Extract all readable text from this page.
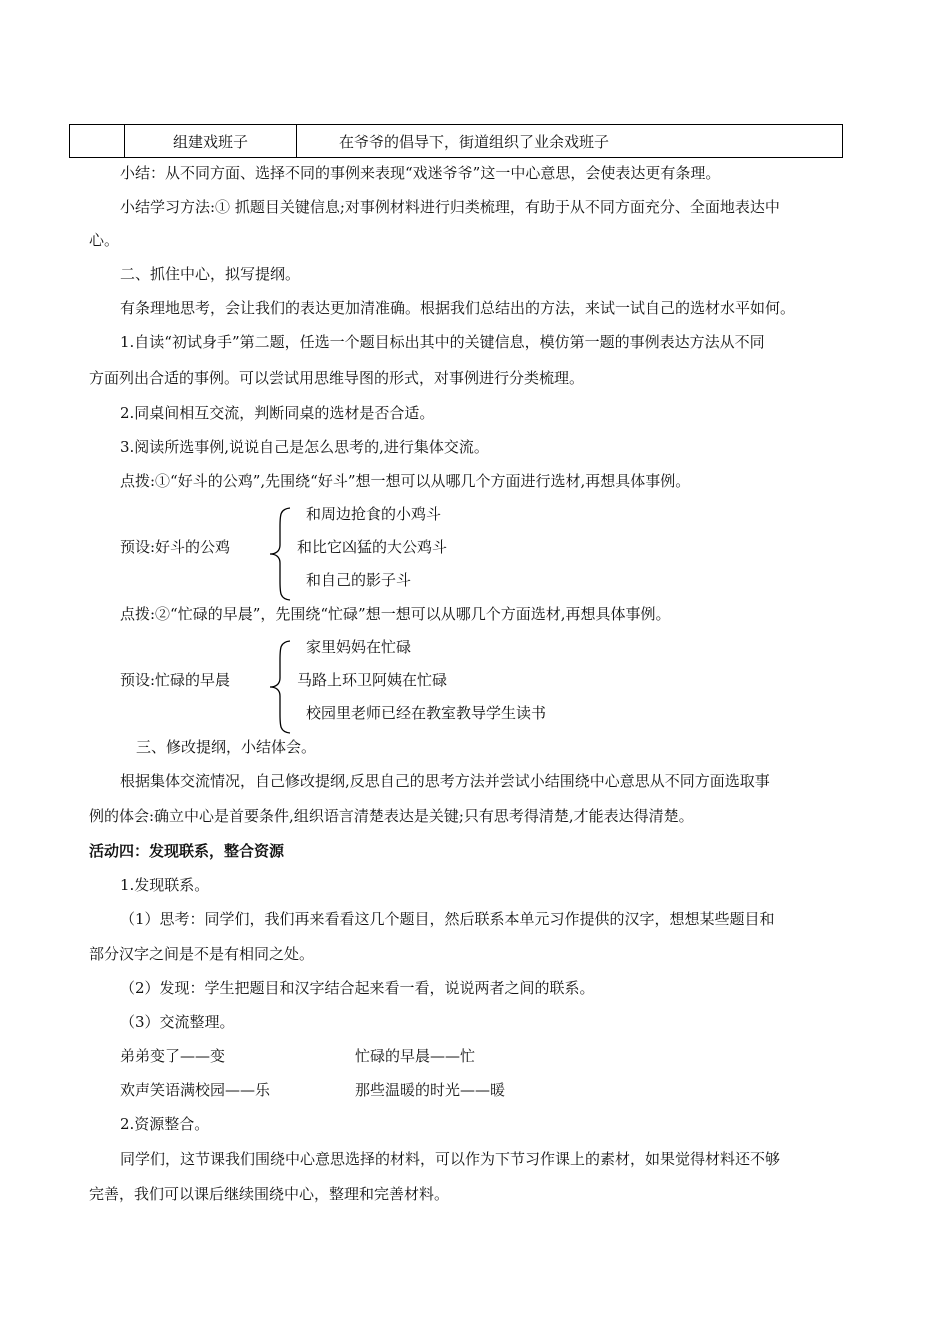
	组建戏班子	在爷爷的倡导下，街道组织了业余戏班子
小结：从不同方面、选择不同的事例来表现“戏迷爷爷”这一中心意思，会使表达更有条理。
小结学习方法:① 抓题目关键信息;对事例材料进行归类梳理，有助于从不同方面充分、全面地表达中
心。
二、抓住中心，拟写提纲。
有条理地思考，会让我们的表达更加清准确。根据我们总结出的方法，来试一试自己的选材水平如何。
1.自读“初试身手”第二题，任选一个题目标出其中的关键信息，模仿第一题的事例表达方法从不同
方面列出合适的事例。可以尝试用思维导图的形式，对事例进行分类梳理。
2.同桌间相互交流，判断同桌的选材是否合适。
3.阅读所选事例,说说自己是怎么思考的,进行集体交流。
点拨:①“好斗的公鸡”,先围绕“好斗”想一想可以从哪几个方面进行选材,再想具体事例。
预设:好斗的公鸡
和周边抢食的小鸡斗
和比它凶猛的大公鸡斗
和自己的影子斗
点拨:②“忙碌的早晨”，先围绕“忙碌”想一想可以从哪几个方面选材,再想具体事例。
预设:忙碌的早晨
家里妈妈在忙碌
马路上环卫阿姨在忙碌
校园里老师已经在教室教导学生读书
三、修改提纲，小结体会。
根据集体交流情况，自己修改提纲,反思自己的思考方法并尝试小结围绕中心意思从不同方面选取事
例的体会:确立中心是首要条件,组织语言清楚表达是关键;只有思考得清楚,才能表达得清楚。
活动四：发现联系，整合资源
1.发现联系。
（1）思考：同学们，我们再来看看这几个题目，然后联系本单元习作提供的汉字，想想某些题目和
部分汉字之间是不是有相同之处。
（2）发现：学生把题目和汉字结合起来看一看，说说两者之间的联系。
（3）交流整理。
弟弟变了——变	忙碌的早晨——忙
欢声笑语满校园——乐	那些温暖的时光——暖
2.资源整合。
同学们，这节课我们围绕中心意思选择的材料，可以作为下节习作课上的素材，如果觉得材料还不够
完善，我们可以课后继续围绕中心，整理和完善材料。
